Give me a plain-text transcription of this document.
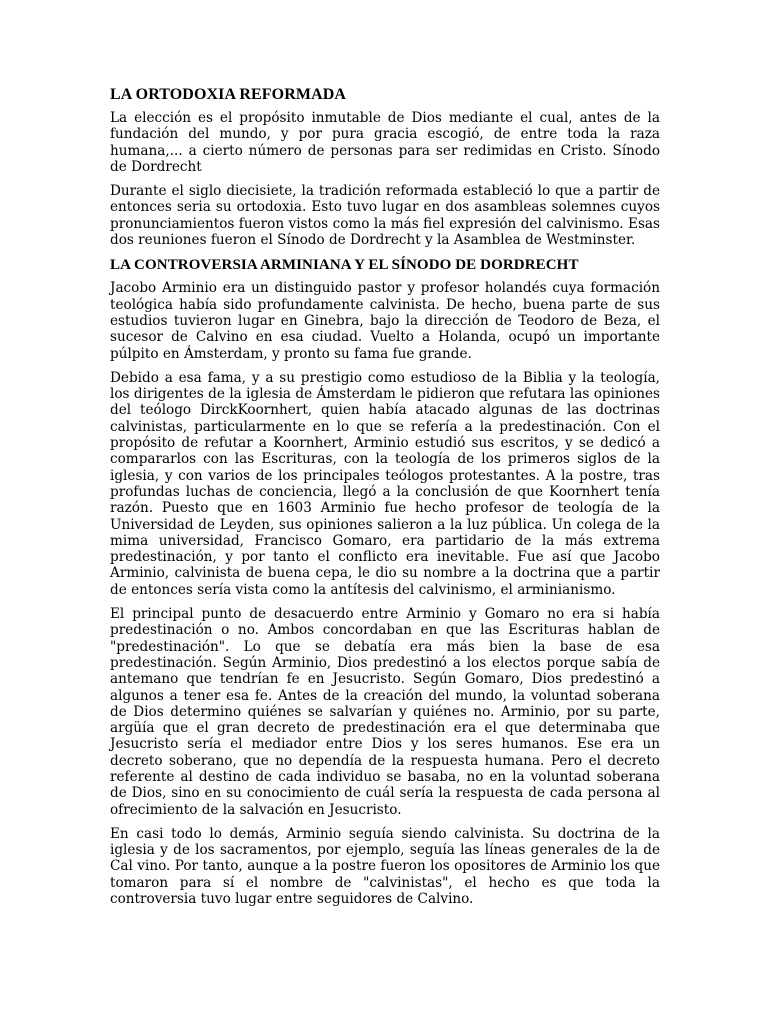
LA ORTODOXIA REFORMADA

La elección es el propósito inmutable de Dios mediante el cual, antes de la fundación del mundo, y por pura gracia escogió, de entre toda la raza humana,... a cierto número de personas para ser redimidas en Cristo. Sínodo de Dordrecht

Durante el siglo diecisiete, la tradición reformada estableció lo que a partir de entonces seria su ortodoxia. Esto tuvo lugar en dos asambleas solemnes cuyos pronunciamientos fueron vistos como la más fiel expresión del calvinismo. Esas dos reuniones fueron el Sínodo de Dordrecht y la Asamblea de Westminster.

LA CONTROVERSIA ARMINIANA Y EL SÍNODO DE DORDRECHT

Jacobo Arminio era un distinguido pastor y profesor holandés cuya formación teológica había sido profundamente calvinista. De hecho, buena parte de sus estudios tuvieron lugar en Ginebra, bajo la dirección de Teodoro de Beza, el sucesor de Calvino en esa ciudad. Vuelto a Holanda, ocupó un importante púlpito en Ámsterdam, y pronto su fama fue grande.

Debido a esa fama, y a su prestigio como estudioso de la Biblia y la teología, los dirigentes de la iglesia de Ámsterdam le pidieron que refutara las opiniones del teólogo DirckKoornhert, quien había atacado algunas de las doctrinas calvinistas, particularmente en lo que se refería a la predestinación. Con el propósito de refutar a Koornhert, Arminio estudió sus escritos, y se dedicó a compararlos con las Escrituras, con la teología de los primeros siglos de la iglesia, y con varios de los principales teólogos protestantes. A la postre, tras profundas luchas de conciencia, llegó a la conclusión de que Koornhert tenía razón. Puesto que en 1603 Arminio fue hecho profesor de teología de la Universidad de Leyden, sus opiniones salieron a la luz pública. Un colega de la mima universidad, Francisco Gomaro, era partidario de la más extrema predestinación, y por tanto el conflicto era inevitable. Fue así que Jacobo Arminio, calvinista de buena cepa, le dio su nombre a la doctrina que a partir de entonces sería vista como la antítesis del calvinismo, el arminianismo.

El principal punto de desacuerdo entre Arminio y Gomaro no era si había predestinación o no. Ambos concordaban en que las Escrituras hablan de "predestinación". Lo que se debatía era más bien la base de esa predestinación. Según Arminio, Dios predestinó a los electos porque sabía de antemano que tendrían fe en Jesucristo. Según Gomaro, Dios predestinó a algunos a tener esa fe. Antes de la creación del mundo, la voluntad soberana de Dios determino quiénes se salvarían y quiénes no. Arminio, por su parte, argüía que el gran decreto de predestinación era el que determinaba que Jesucristo sería el mediador entre Dios y los seres humanos. Ese era un decreto soberano, que no dependía de la respuesta humana. Pero el decreto referente al destino de cada individuo se basaba, no en la voluntad soberana de Dios, sino en su conocimiento de cuál sería la respuesta de cada persona al ofrecimiento de la salvación en Jesucristo.

En casi todo lo demás, Arminio seguía siendo calvinista. Su doctrina de la iglesia y de los sacramentos, por ejemplo, seguía las líneas generales de la de Cal vino. Por tanto, aunque a la postre fueron los opositores de Arminio los que tomaron para sí el nombre de "calvinistas", el hecho es que toda la controversia tuvo lugar entre seguidores de Calvino.
